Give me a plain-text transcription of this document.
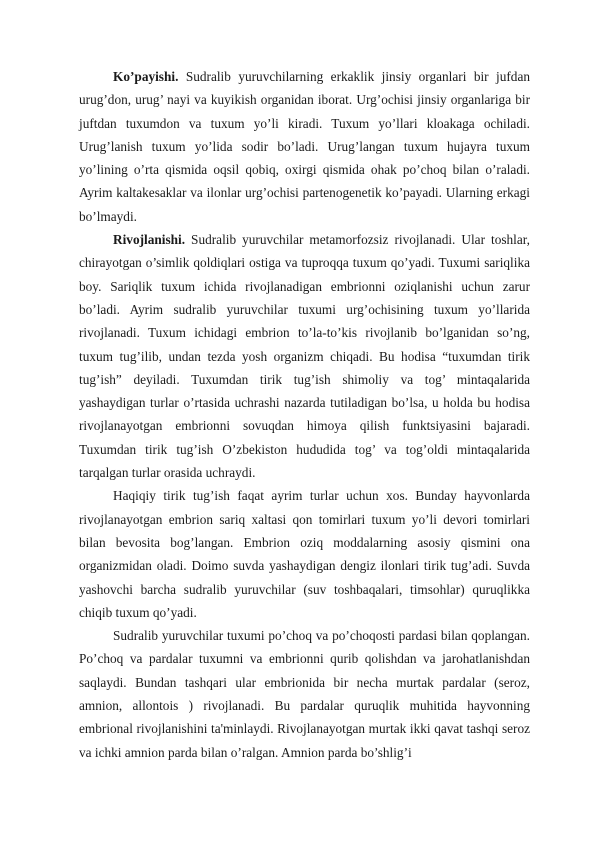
Ko’payishi. Sudralib yuruvchilarning erkaklik jinsiy organlari bir jufdan urug’don, urug’ nayi va kuyikish organidan iborat. Urg’ochisi jinsiy organlariga bir juftdan tuxumdon va tuxum yo’li kiradi. Tuxum yo’llari kloakaga ochiladi. Urug’lanish tuxum yo’lida sodir bo’ladi. Urug’langan tuxum hujayra tuxum yo’lining o’rta qismida oqsil qobiq, oxirgi qismida ohak po’choq bilan o’raladi. Ayrim kaltakesaklar va ilonlar urg’ochisi partenogenetik ko’payadi. Ularning erkagi bo’lmaydi.

Rivojlanishi. Sudralib yuruvchilar metamorfozsiz rivojlanadi. Ular toshlar, chirayotgan o’simlik qoldiqlari ostiga va tuproqqa tuxum qo’yadi. Tuxumi sariqlika boy. Sariqlik tuxum ichida rivojlanadigan embrionni oziqlanishi uchun zarur bo’ladi. Ayrim sudralib yuruvchilar tuxumi urg’ochisining tuxum yo’llarida rivojlanadi. Tuxum ichidagi embrion to’la-to’kis rivojlanib bo’lganidan so’ng, tuxum tug’ilib, undan tezda yosh organizm chiqadi. Bu hodisa “tuxumdan tirik tug’ish” deyiladi. Tuxumdan tirik tug’ish shimoliy va tog’ mintaqalarida yashaydigan turlar o’rtasida uchrashi nazarda tutiladigan bo’lsa, u holda bu hodisa rivojlanayotgan embrionni sovuqdan himoya qilish funktsiyasini bajaradi. Tuxumdan tirik tug’ish O’zbekiston hududida tog’ va tog’oldi mintaqalarida tarqalgan turlar orasida uchraydi.

Haqiqiy tirik tug’ish faqat ayrim turlar uchun xos. Bunday hayvonlarda rivojlanayotgan embrion sariq xaltasi qon tomirlari tuxum yo’li devori tomirlari bilan bevosita bog’langan. Embrion oziq moddalarning asosiy qismini ona organizmidan oladi. Doimo suvda yashaydigan dengiz ilonlari tirik tug’adi. Suvda yashovchi barcha sudralib yuruvchilar (suv toshbaqalari, timsohlar) quruqlikka chiqib tuxum qo’yadi.

Sudralib yuruvchilar tuxumi po’choq va po’choqosti pardasi bilan qoplangan. Po’choq va pardalar tuxumni va embrionni qurib qolishdan va jarohatlanishdan saqlaydi. Bundan tashqari ular embrionida bir necha murtak pardalar (seroz, amnion, allontois ) rivojlanadi. Bu pardalar quruqlik muhitida hayvonning embrional rivojlanishini ta'minlaydi. Rivojlanayotgan murtak ikki qavat tashqi seroz va ichki amnion parda bilan o’ralgan. Amnion parda bo’shlig’i
